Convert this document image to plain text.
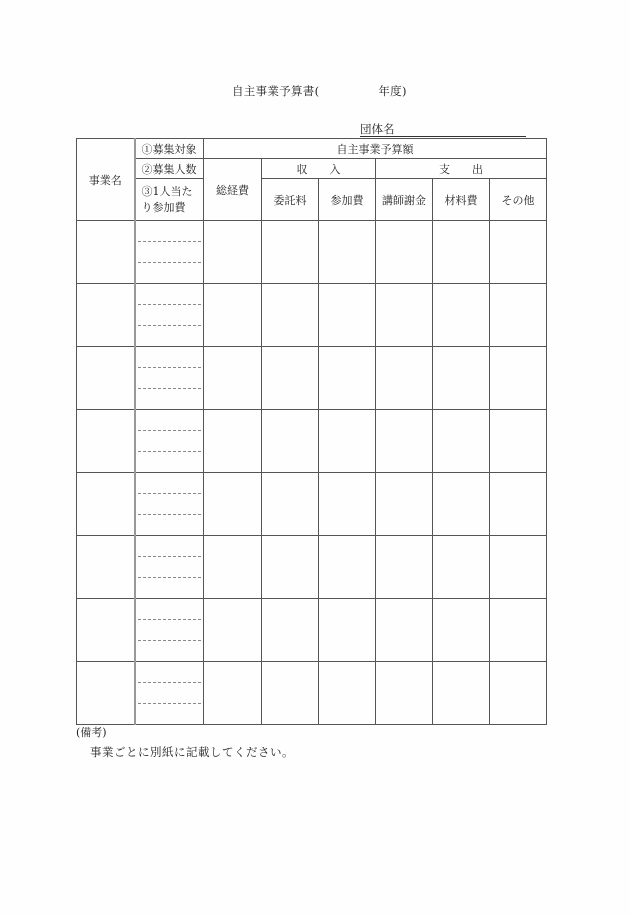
自主事業予算書(　　　　　年度)
団体名
事業名	①募集対象	自主事業予算額					
	②募集人数	総経費	収　　入		支　　出		
	③1人当たり参加費		委託料	参加費	講師謝金	材料費	その他

(備考)
事業ごとに別紙に記載してください。
